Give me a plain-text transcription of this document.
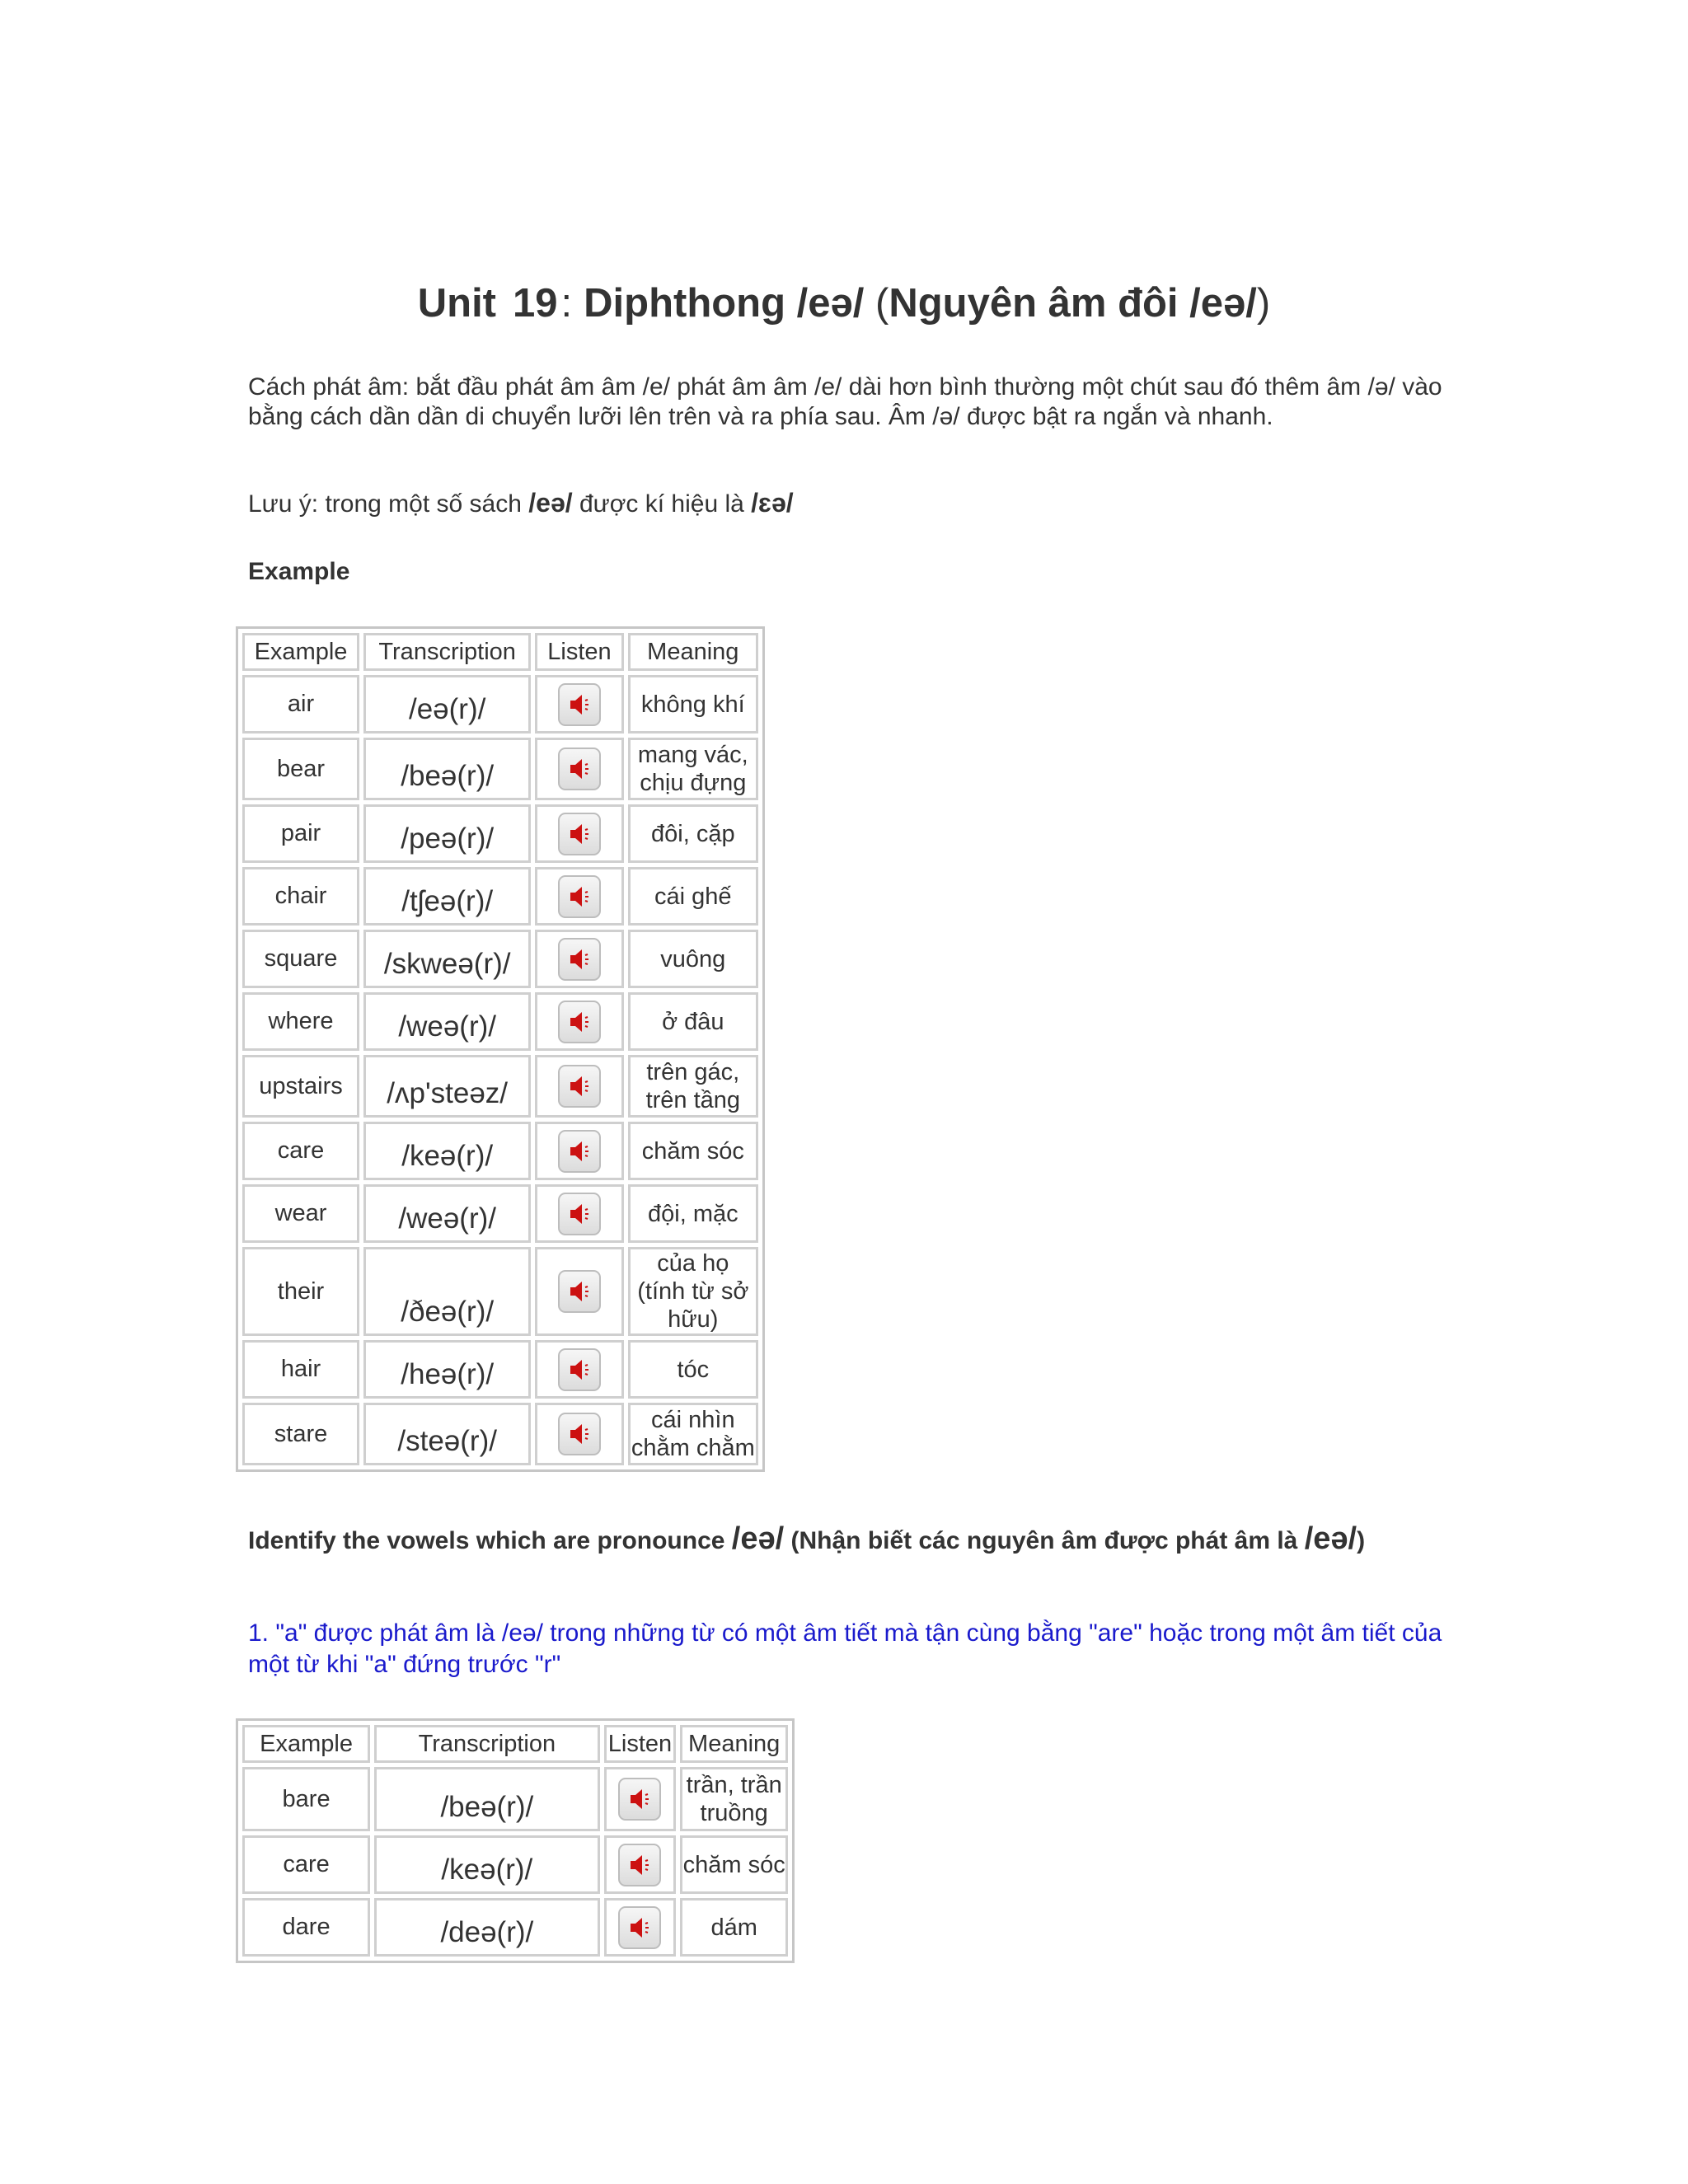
Unit 19: Diphthong /eə/ (Nguyên âm đôi /eə/)
Cách phát âm: bắt đầu phát âm âm /e/ phát âm âm /e/ dài hơn bình thường một chút sau đó thêm âm /ə/ vào bằng cách dần dần di chuyển lưỡi lên trên và ra phía sau. Âm /ə/ được bật ra ngắn và nhanh.
Lưu ý: trong một số sách /eə/ được kí hiệu là /ɛə/
Example
Example	Transcription	Listen	Meaning
air	/eə(r)/		không khí
bear	/beə(r)/		mang vác, chịu đựng
pair	/peə(r)/		đôi, cặp
chair	/tʃeə(r)/		cái ghế
square	/skweə(r)/		vuông
where	/weə(r)/		ở đâu
upstairs	/ʌp'steəz/		trên gác, trên tầng
care	/keə(r)/		chăm sóc
wear	/weə(r)/		đội, mặc
their	/ðeə(r)/		của họ (tính từ sở hữu)
hair	/heə(r)/		tóc
stare	/steə(r)/		cái nhìn chằm chằm
Identify the vowels which are pronounce /eə/ (Nhận biết các nguyên âm được phát âm là /eə/)
1. "a" được phát âm là /eə/ trong những từ có một âm tiết mà tận cùng bằng "are" hoặc trong một âm tiết của một từ khi "a" đứng trước "r"
Example	Transcription	Listen	Meaning
bare	/beə(r)/		trần, trần truồng
care	/keə(r)/		chăm sóc
dare	/deə(r)/		dám
